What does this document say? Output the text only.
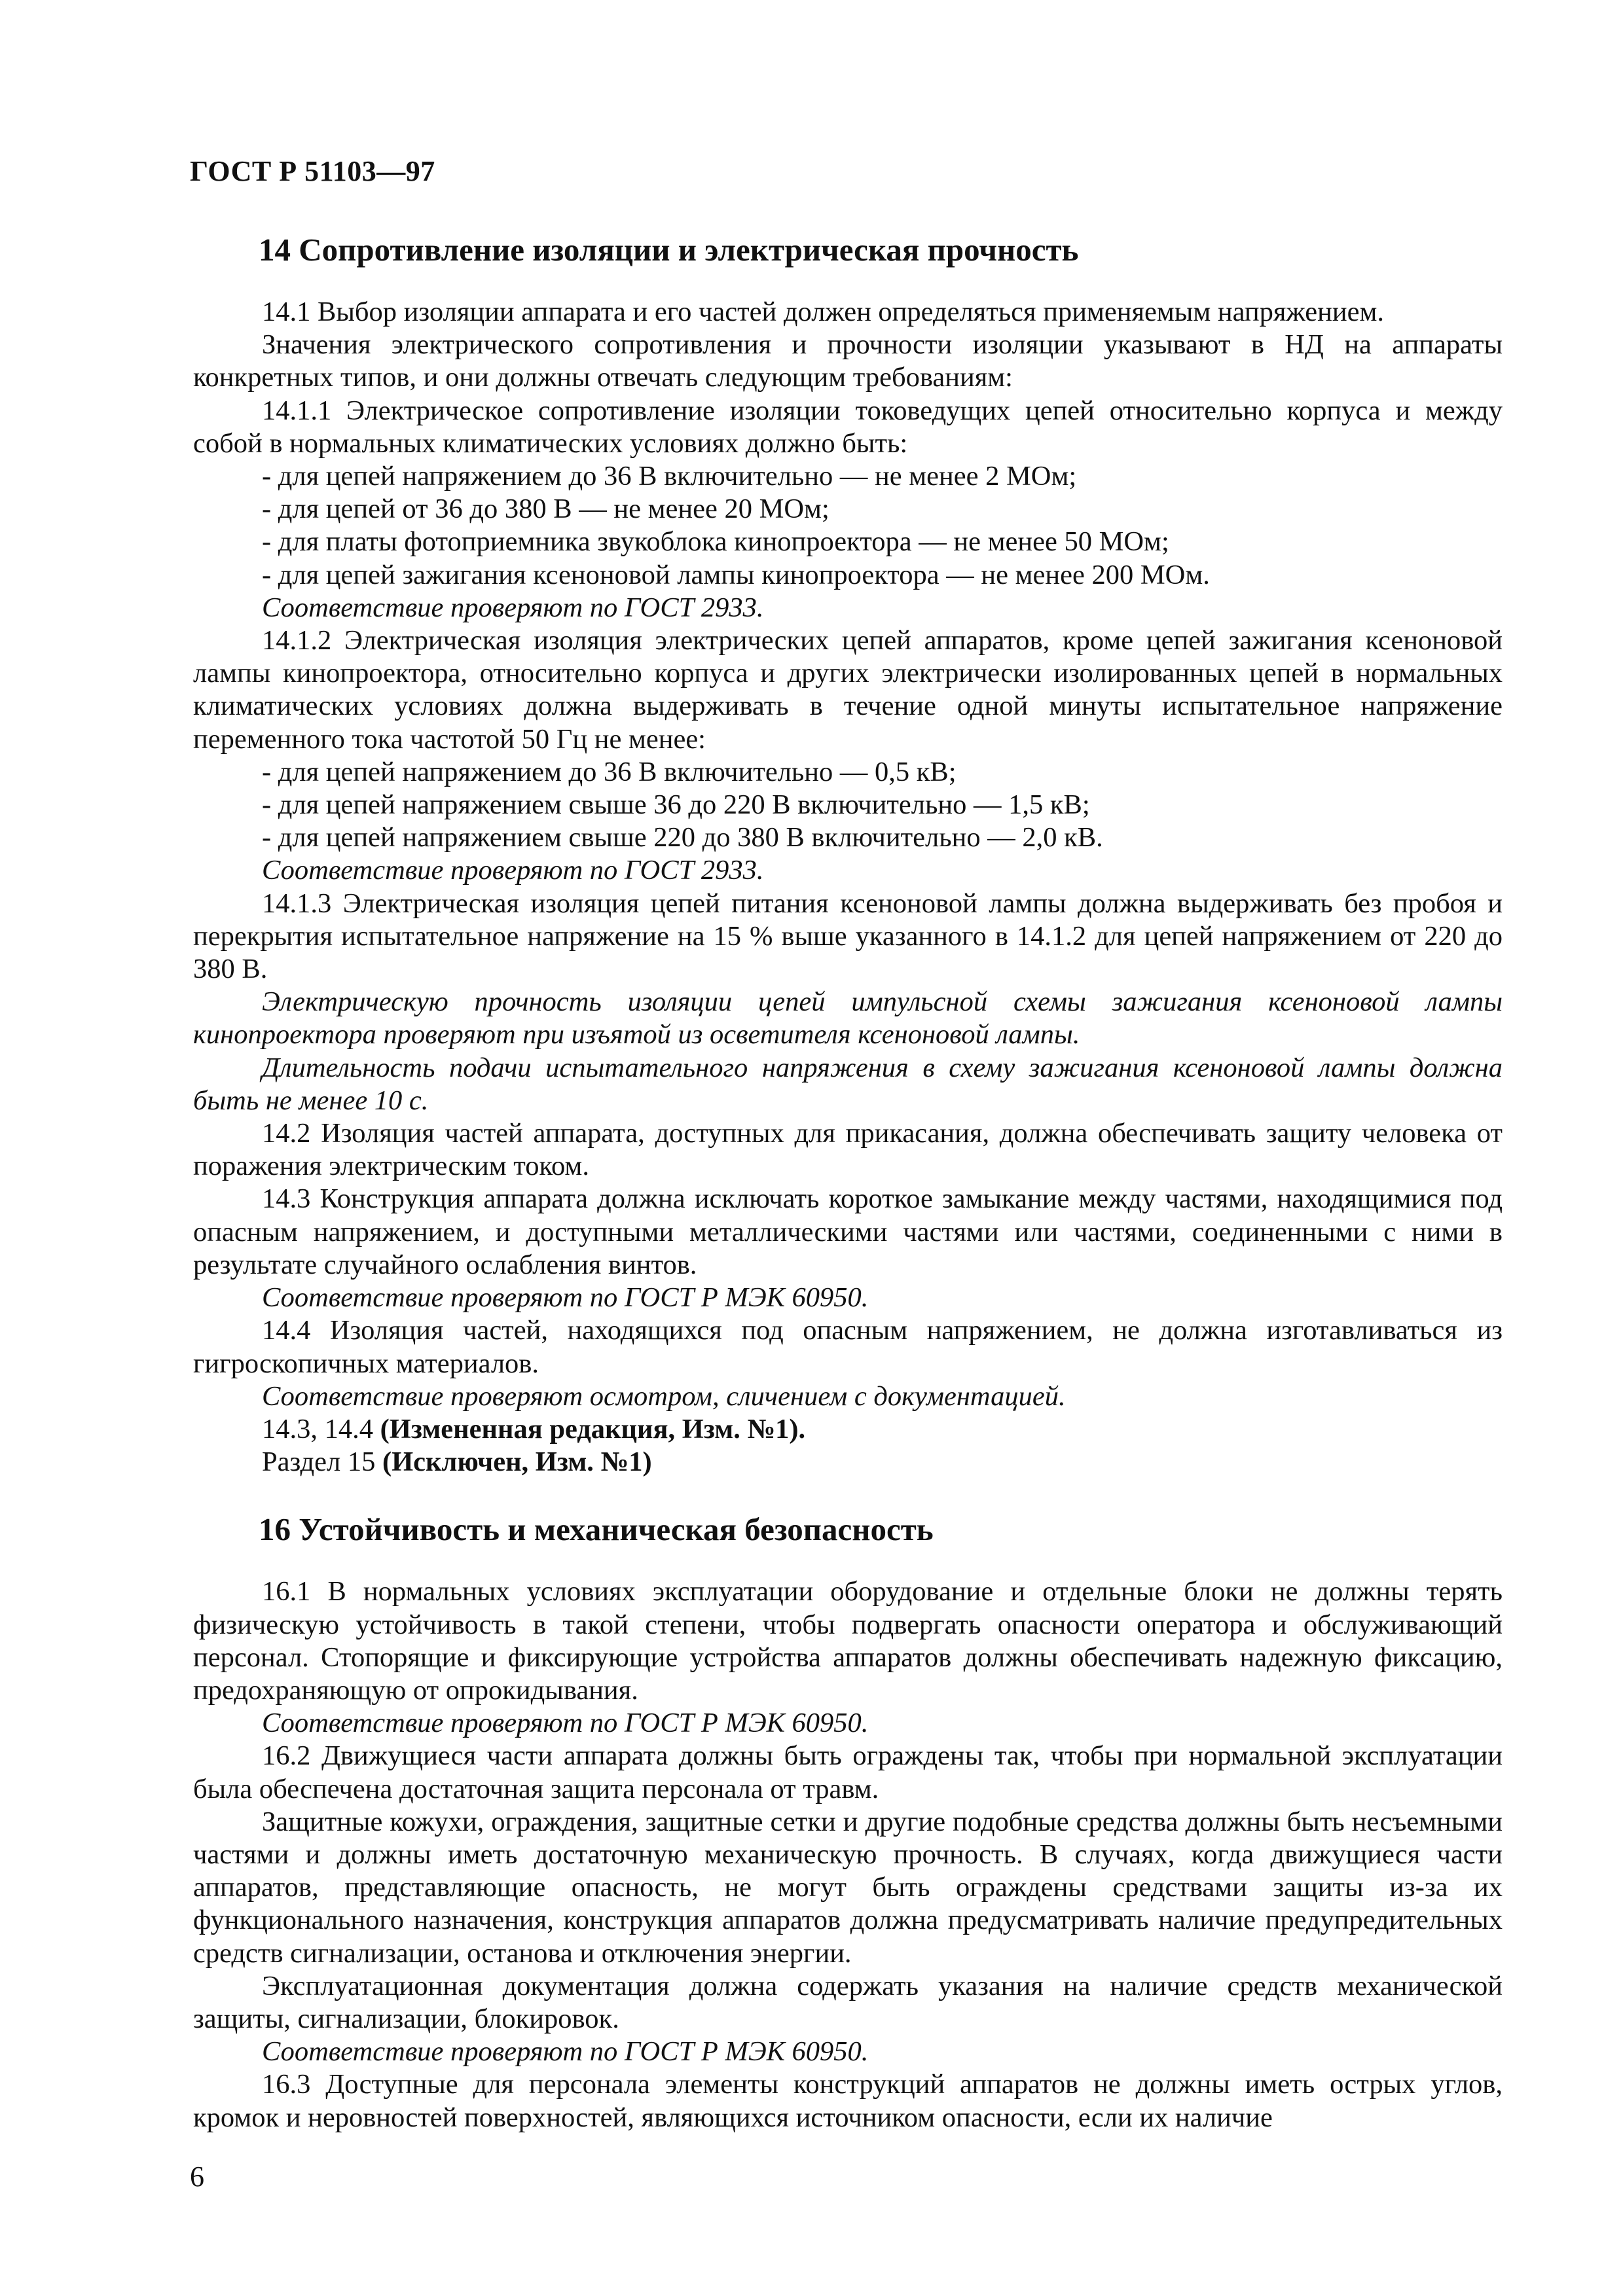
ГОСТ Р 51103—97
14 Сопротивление изоляции и электрическая прочность

14.1 Выбор изоляции аппарата и его частей должен определяться применяемым напряжением.

Значения электрического сопротивления и прочности изоляции указывают в НД на аппараты конкретных типов, и они должны отвечать следующим требованиям:

14.1.1 Электрическое сопротивление изоляции токоведущих цепей относительно корпуса и между собой в нормальных климатических условиях должно быть:

- для цепей напряжением до 36 В включительно — не менее 2 МОм;

- для цепей от 36 до 380 В — не менее 20 МОм;

- для платы фотоприемника звукоблока кинопроектора — не менее 50 МОм;

- для цепей зажигания ксеноновой лампы кинопроектора — не менее 200 МОм.

Соответствие проверяют по ГОСТ 2933.

14.1.2 Электрическая изоляция электрических цепей аппаратов, кроме цепей зажигания ксеноновой лампы кинопроектора, относительно корпуса и других электрически изолированных цепей в нормальных климатических условиях должна выдерживать в течение одной минуты испытательное напряжение переменного тока частотой 50 Гц не менее:

- для цепей напряжением до 36 В включительно — 0,5 кВ;

- для цепей напряжением свыше 36 до 220 В включительно — 1,5 кВ;

- для цепей напряжением свыше 220 до 380 В включительно — 2,0 кВ.

Соответствие проверяют по ГОСТ 2933.

14.1.3 Электрическая изоляция цепей питания ксеноновой лампы должна выдерживать без пробоя и перекрытия испытательное напряжение на 15 % выше указанного в 14.1.2 для цепей напряжением от 220 до 380 В.

Электрическую прочность изоляции цепей импульсной схемы зажигания ксеноновой лампы кинопроектора проверяют при изъятой из осветителя ксеноновой лампы.

Длительность подачи испытательного напряжения в схему зажигания ксеноновой лампы должна быть не менее 10 с.

14.2 Изоляция частей аппарата, доступных для прикасания, должна обеспечивать защиту человека от поражения электрическим током.

14.3 Конструкция аппарата должна исключать короткое замыкание между частями, находящимися под опасным напряжением, и доступными металлическими частями или частями, соединенными с ними в результате случайного ослабления винтов.

Соответствие проверяют по ГОСТ Р МЭК 60950.

14.4 Изоляция частей, находящихся под опасным напряжением, не должна изготавливаться из гигроскопичных материалов.

Соответствие проверяют осмотром, сличением с документацией.

14.3, 14.4 (Измененная редакция, Изм. №1).

Раздел 15 (Исключен, Изм. №1)

16 Устойчивость и механическая безопасность

16.1 В нормальных условиях эксплуатации оборудование и отдельные блоки не должны терять физическую устойчивость в такой степени, чтобы подвергать опасности оператора и обслуживающий персонал. Стопорящие и фиксирующие устройства аппаратов должны обеспечивать надежную фиксацию, предохраняющую от опрокидывания.

Соответствие проверяют по ГОСТ Р МЭК 60950.

16.2 Движущиеся части аппарата должны быть ограждены так, чтобы при нормальной эксплуатации была обеспечена достаточная защита персонала от травм.

Защитные кожухи, ограждения, защитные сетки и другие подобные средства должны быть несъемными частями и должны иметь достаточную механическую прочность. В случаях, когда движущиеся части аппаратов, представляющие опасность, не могут быть ограждены средствами защиты из-за их функционального назначения, конструкция аппаратов должна предусматривать наличие предупредительных средств сигнализации, останова и отключения энергии.

Эксплуатационная документация должна содержать указания на наличие средств механической защиты, сигнализации, блокировок.

Соответствие проверяют по ГОСТ Р МЭК 60950.

16.3 Доступные для персонала элементы конструкций аппаратов не должны иметь острых углов, кромок и неровностей поверхностей, являющихся источником опасности, если их наличие

6
